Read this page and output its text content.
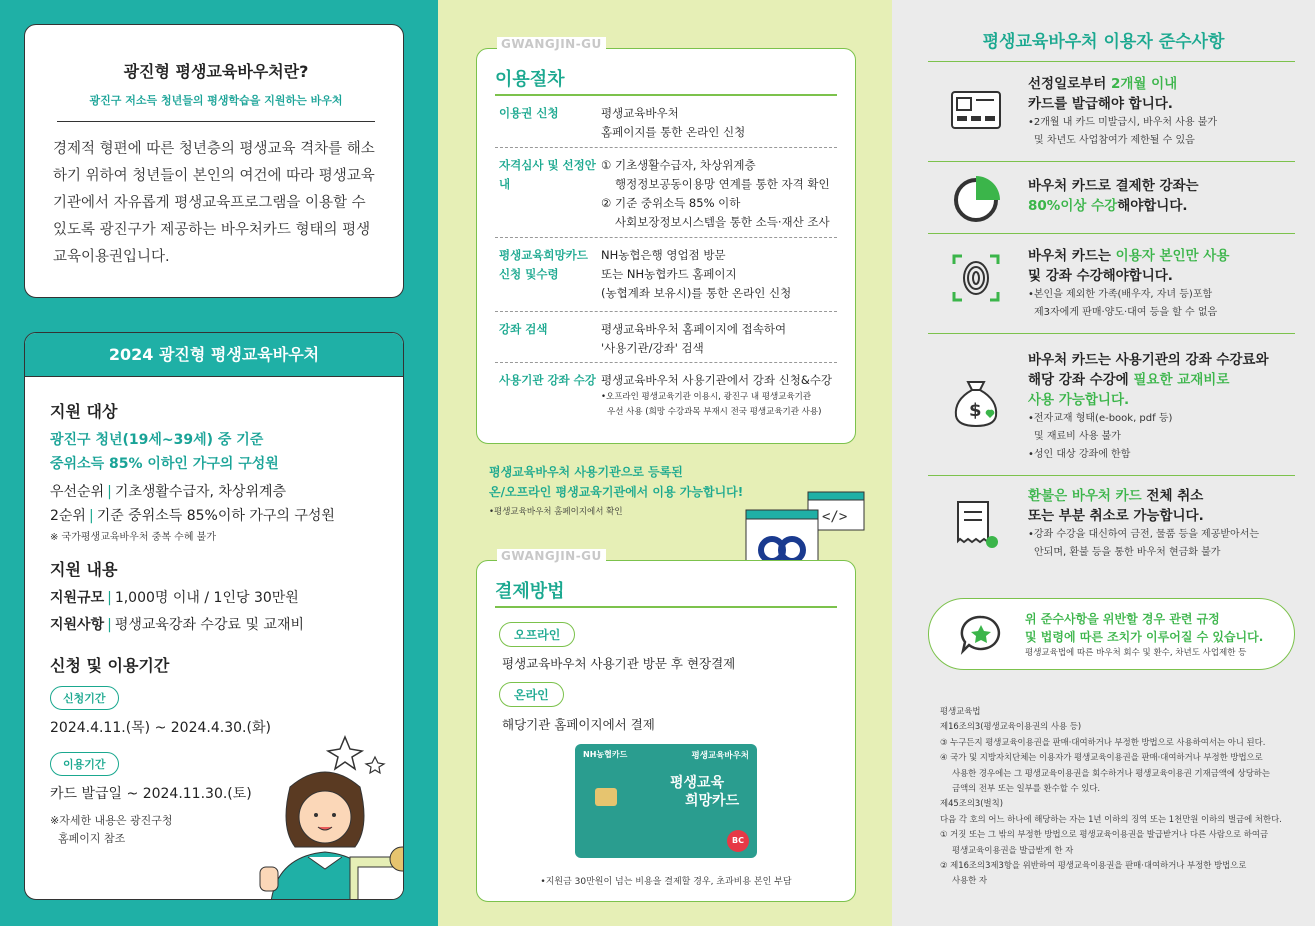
광진형 평생교육바우처란?
광진구 저소득 청년들의 평생학습을 지원하는 바우처

경제적 형편에 따른 청년층의 평생교육 격차를 해소하기 위하여 청년들이 본인의 여건에 따라 평생교육기관에서 자유롭게 평생교육프로그램을 이용할 수 있도록 광진구가 제공하는 바우처카드 형태의 평생교육이용권입니다.

2024 광진형 평생교육바우처
지원 대상
광진구 청년(19세~39세) 중 기준
중위소득 85% 이하인 가구의 구성원
우선순위 | 기초생활수급자, 차상위계층
2순위 | 기준 중위소득 85%이하 가구의 구성원
※ 국가평생교육바우처 중복 수혜 불가
지원 내용
지원규모 | 1,000명 이내 / 1인당 30만원
지원사항 | 평생교육강좌 수강료 및 교재비
신청 및 이용기간
신청기간
2024.4.11.(목) ~ 2024.4.30.(화)
이용기간
카드 발급일 ~ 2024.11.30.(토)
※자세한 내용은 광진구청
홈페이지 참조
GWANGJIN-GU
이용절차
이용권 신청	평생교육바우처
홈페이지를 통한 온라인 신청
자격심사 및 선정안내
① 기초생활수급자, 차상위계층
행정정보공동이용망 연계를 통한 자격 확인
② 기준 중위소득 85% 이하
사회보장정보시스템을 통한 소득·재산 조사
평생교육희망카드 신청 및수령
NH농협은행 영업점 방문
또는 NH농협카드 홈페이지
(농협계좌 보유시)를 통한 온라인 신청
강좌 검색	평생교육바우처 홈페이지에 접속하여
'사용기관/강좌' 검색
사용기관 강좌 수강 평생교육바우처 사용기관에서 강좌 신청&수강
•오프라인 평생교육기관 이용시, 광진구 내 평생교육기관
우선 사용 (희망 수강과목 부재시 전국 평생교육기관 사용)
평생교육바우처 사용기관으로 등록된
온/오프라인 평생교육기관에서 이용 가능합니다!
•평생교육바우처 홈페이지에서 확인	</>
GWANGJIN-GU
결제방법
오프라인
평생교육바우처 사용기관 방문 후 현장결제
온라인
해당기관 홈페이지에서 결제
NH농협카드	평생교육바우처
평생교육
희망카드
BC
•지원금 30만원이 넘는 비용을 결제할 경우, 초과비용 본인 부담
평생교육바우처 이용자 준수사항
선정일로부터 2개월 이내
카드를 발급해야 합니다.
•2개월 내 카드 미발급시, 바우처 사용 불가
및 차년도 사업참여가 제한될 수 있음
바우처 카드로 결제한 강좌는
80%이상 수강해야합니다.
바우처 카드는 이용자 본인만 사용
및 강좌 수강해야합니다.
•본인을 제외한 가족(배우자, 자녀 등)포함
제3자에게 판매·양도·대여 등을 할 수 없음
$
바우처 카드는 사용기관의 강좌 수강료와
해당 강좌 수강에 필요한 교재비로
사용 가능합니다.
•전자교재 형태(e-book, pdf 등)
및 재료비 사용 불가
•성인 대상 강좌에 한함
환불은 바우처 카드 전체 취소
또는 부분 취소로 가능합니다.
•강좌 수강을 대신하여 금전, 물품 등을 제공받아서는
안되며, 환불 등을 통한 바우처 현금화 불가
위 준수사항을 위반할 경우 관련 규정
및 법령에 따른 조치가 이루어질 수 있습니다.
평생교육법에 따른 바우처 회수 및 환수, 차년도 사업제한 등
평생교육법
제16조의3(평생교육이용권의 사용 등)
③ 누구든지 평생교육이용권을 판매·대여하거나 부정한 방법으로 사용하여서는 아니 된다.
④ 국가 및 지방자치단체는 이용자가 평생교육이용권을 판매·대여하거나 부정한 방법으로
사용한 경우에는 그 평생교육이용권을 회수하거나 평생교육이용권 기재금액에 상당하는
금액의 전부 또는 일부를 환수할 수 있다.
제45조의3(벌칙)
다음 각 호의 어느 하나에 해당하는 자는 1년 이하의 징역 또는 1천만원 이하의 벌금에 처한다.
① 거짓 또는 그 밖의 부정한 방법으로 평생교육이용권을 발급받거나 다른 사람으로 하여금
평생교육이용권을 발급받게 한 자
② 제16조의3제3항을 위반하여 평생교육이용권을 판매·대여하거나 부정한 방법으로
사용한 자
